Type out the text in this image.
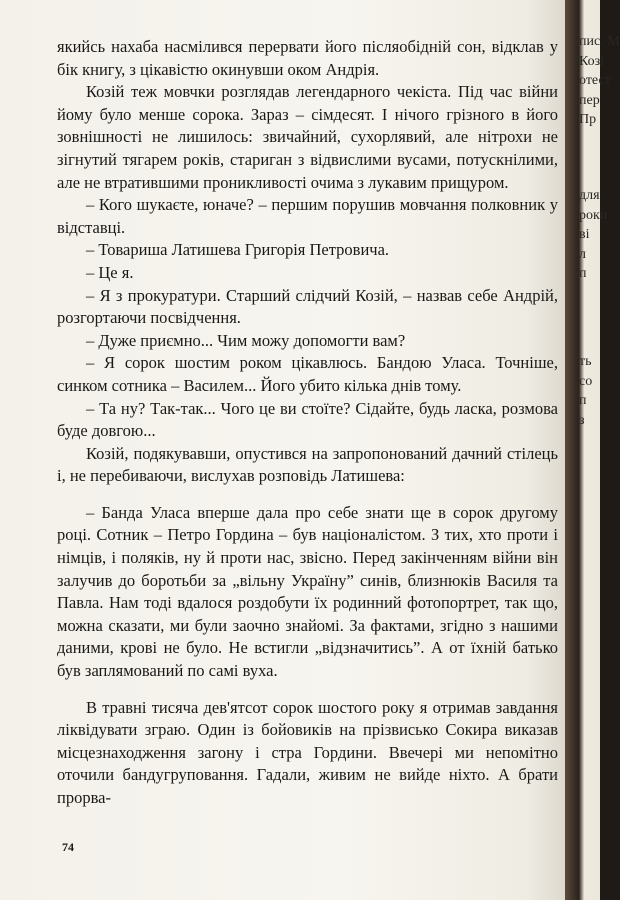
якийсь нахаба насмілився перервати його післяобідній сон, відклав у бік книгу, з цікавістю окинувши оком Андрія.

Козій теж мовчки розглядав легендарного чекіста. Під час війни йому було менше сорока. Зараз – сімдесят. І нічого грізного в його зовнішності не лишилось: звичайний, сухорлявий, але нітрохи не зігнутий тягарем років, стариган з відвислими вусами, потускнілими, але не втратившими проникливості очима з лукавим прищуром.

– Кого шукаєте, юначе? – першим порушив мовчання полковник у відставці.

– Товариша Латишева Григорія Петровича.

– Це я.

– Я з прокуратури. Старший слідчий Козій, – назвав себе Андрій, розгортаючи посвідчення.

– Дуже приємно... Чим можу допомогти вам?

– Я сорок шостим роком цікавлюсь. Бандою Уласа. Точніше, синком сотника – Василем... Його убито кілька днів тому.

– Та ну? Так-так... Чого це ви стоїте? Сідайте, будь ласка, розмова буде довгою...

Козій, подякувавши, опустився на запропонований дачний стілець і, не перебиваючи, вислухав розповідь Латишева:

– Банда Уласа вперше дала про себе знати ще в сорок другому році. Сотник – Петро Гордина – був націоналістом. З тих, хто проти і німців, і поляків, ну й проти нас, звісно. Перед закінченням війни він залучив до боротьби за „вільну Україну” синів, близнюків Василя та Павла. Нам тоді вдалося роздобути їх родинний фотопортрет, так що, можна сказати, ми були заочно знайомі. За фактами, згідно з нашими даними, крові не було. Не встигли „відзначитись”. А от їхній батько був заплямований по самі вуха.

В травні тисяча дев'ятсот сорок шостого року я отримав завдання ліквідувати зграю. Один із бойовиків на прізвисько Сокира виказав місцезнаходження загону і стра Гордини. Ввечері ми непомітно оточили бандугруповання. Гадали, живим не вийде ніхто. А брати прорва-

74
пис. М
Козі
отест
пер
Пр
для
роки
ві
л
п
ть
со
п
з
